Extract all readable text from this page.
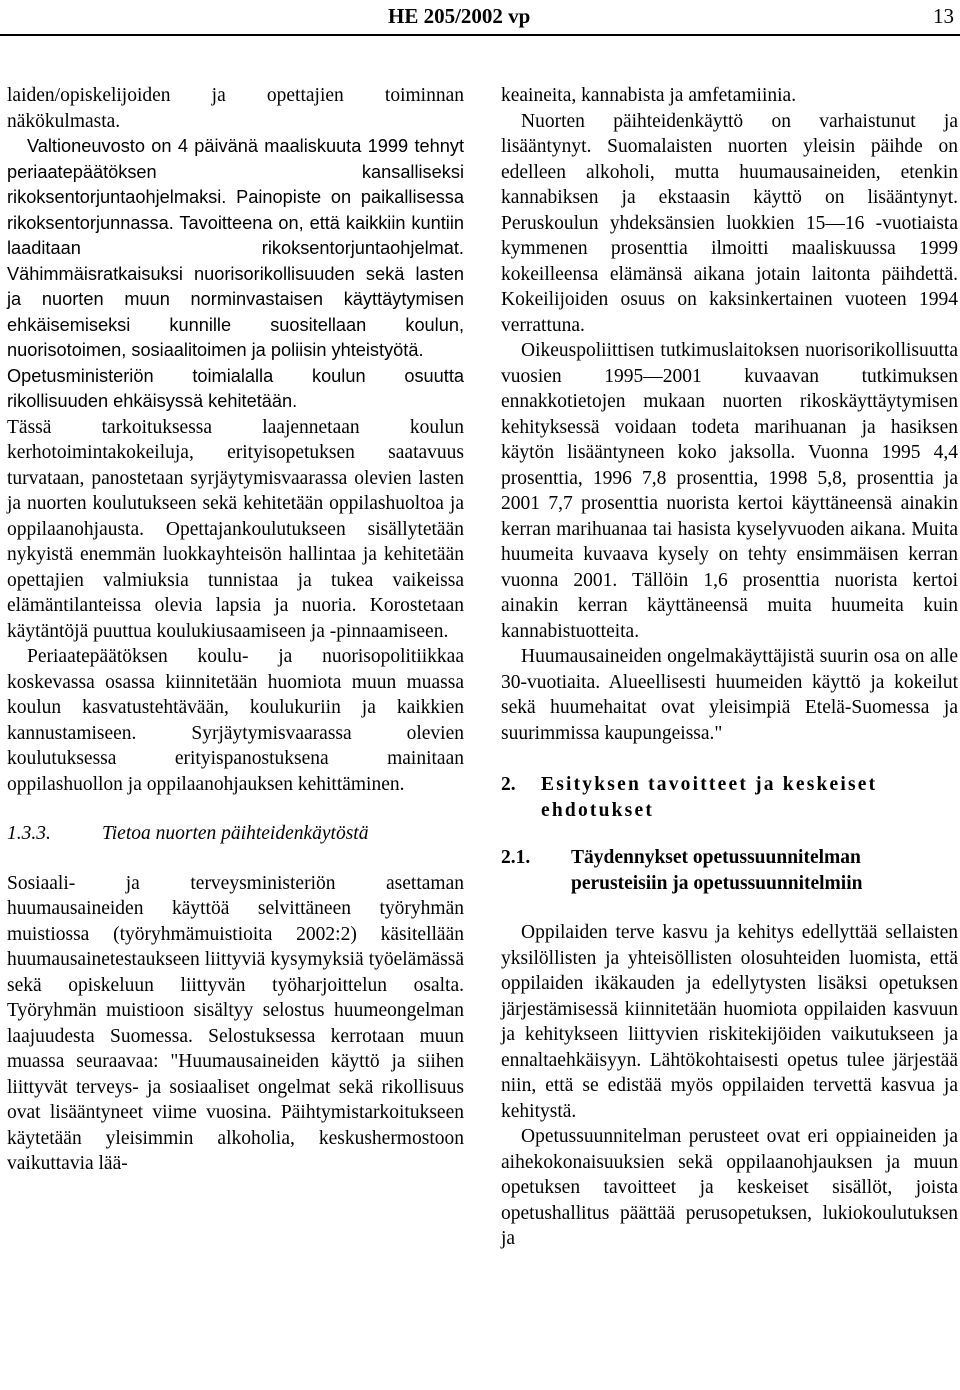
HE 205/2002 vp	13

laiden/opiskelijoiden ja opettajien toiminnan näkökulmasta.

Valtioneuvosto on 4 päivänä maaliskuuta 1999 tehnyt periaatepäätöksen kansalliseksi rikoksentorjuntaohjelmaksi. Painopiste on paikallisessa rikoksentorjunnassa. Tavoitteena on, että kaikkiin kuntiin laaditaan rikoksentorjuntaohjelmat. Vähimmäisratkaisuksi nuorisorikollisuuden sekä lasten ja nuorten muun norminvastaisen käyttäytymisen ehkäisemiseksi kunnille suositellaan koulun, nuorisotoimen, sosiaalitoimen ja poliisin yhteistyötä.

Opetusministeriön toimialalla koulun osuutta rikollisuuden ehkäisyssä kehitetään.

Tässä tarkoituksessa laajennetaan koulun kerhotoimintakokeiluja, erityisopetuksen saatavuus turvataan, panostetaan syrjäytymisvaarassa olevien lasten ja nuorten koulutukseen sekä kehitetään oppilashuoltoa ja oppilaanohjausta. Opettajankoulutukseen sisällytetään nykyistä enemmän luokkayhteisön hallintaa ja kehitetään opettajien valmiuksia tunnistaa ja tukea vaikeissa elämäntilanteissa olevia lapsia ja nuoria. Korostetaan käytäntöjä puuttua koulukiusaamiseen ja -pinnaamiseen.

Periaatepäätöksen koulu- ja nuorisopolitiikkaa koskevassa osassa kiinnitetään huomiota muun muassa koulun kasvatustehtävään, koulukuriin ja kaikkien kannustamiseen. Syrjäytymisvaarassa olevien koulutuksessa erityispanostuksena mainitaan oppilashuollon ja oppilaanohjauksen kehittäminen.

1.3.3.	Tietoa nuorten päihteidenkäytöstä

Sosiaali- ja terveysministeriön asettaman huumausaineiden käyttöä selvittäneen työryhmän muistiossa (työryhmämuistioita 2002:2) käsitellään huumausainetestaukseen liittyviä kysymyksiä työelämässä sekä opiskeluun liittyvän työharjoittelun osalta. Työryhmän muistioon sisältyy selostus huumeongelman laajuudesta Suomessa. Selostuksessa kerrotaan muun muassa seuraavaa: "Huumausaineiden käyttö ja siihen liittyvät terveys- ja sosiaaliset ongelmat sekä rikollisuus ovat lisääntyneet viime vuosina. Päihtymistarkoitukseen käytetään yleisimmin alkoholia, keskushermostoon vaikuttavia lää-

keaineita, kannabista ja amfetamiinia.

Nuorten päihteidenkäyttö on varhaistunut ja lisääntynyt. Suomalaisten nuorten yleisin päihde on edelleen alkoholi, mutta huumausaineiden, etenkin kannabiksen ja ekstaasin käyttö on lisääntynyt. Peruskoulun yhdeksänsien luokkien 15—16 -vuotiaista kymmenen prosenttia ilmoitti maaliskuussa 1999 kokeilleensa elämänsä aikana jotain laitonta päihdettä. Kokeilijoiden osuus on kaksinkertainen vuoteen 1994 verrattuna.

Oikeuspoliittisen tutkimuslaitoksen nuorisorikollisuutta vuosien 1995—2001 kuvaavan tutkimuksen ennakkotietojen mukaan nuorten rikoskäyttäytymisen kehityksessä voidaan todeta marihuanan ja hasiksen käytön lisääntyneen koko jaksolla. Vuonna 1995 4,4 prosenttia, 1996 7,8 prosenttia, 1998 5,8, prosenttia ja 2001 7,7 prosenttia nuorista kertoi käyttäneensä ainakin kerran marihuanaa tai hasista kyselyvuoden aikana. Muita huumeita kuvaava kysely on tehty ensimmäisen kerran vuonna 2001. Tällöin 1,6 prosenttia nuorista kertoi ainakin kerran käyttäneensä muita huumeita kuin kannabistuotteita.

Huumausaineiden ongelmakäyttäjistä suurin osa on alle 30-vuotiaita. Alueellisesti huumeiden käyttö ja kokeilut sekä huumehaitat ovat yleisimpiä Etelä-Suomessa ja suurimmissa kaupungeissa."

2.	Esityksen tavoitteet ja keskeiset ehdotukset
2.1.	Täydennykset opetussuunnitelman perusteisiin ja opetussuunnitelmiin

Oppilaiden terve kasvu ja kehitys edellyttää sellaisten yksilöllisten ja yhteisöllisten olosuhteiden luomista, että oppilaiden ikäkauden ja edellytysten lisäksi opetuksen järjestämisessä kiinnitetään huomiota oppilaiden kasvuun ja kehitykseen liittyvien riskitekijöiden vaikutukseen ja ennaltaehkäisyyn. Lähtökohtaisesti opetus tulee järjestää niin, että se edistää myös oppilaiden tervettä kasvua ja kehitystä.

Opetussuunnitelman perusteet ovat eri oppiaineiden ja aihekokonaisuuksien sekä oppilaanohjauksen ja muun opetuksen tavoitteet ja keskeiset sisällöt, joista opetushallitus päättää perusopetuksen, lukiokoulutuksen ja
